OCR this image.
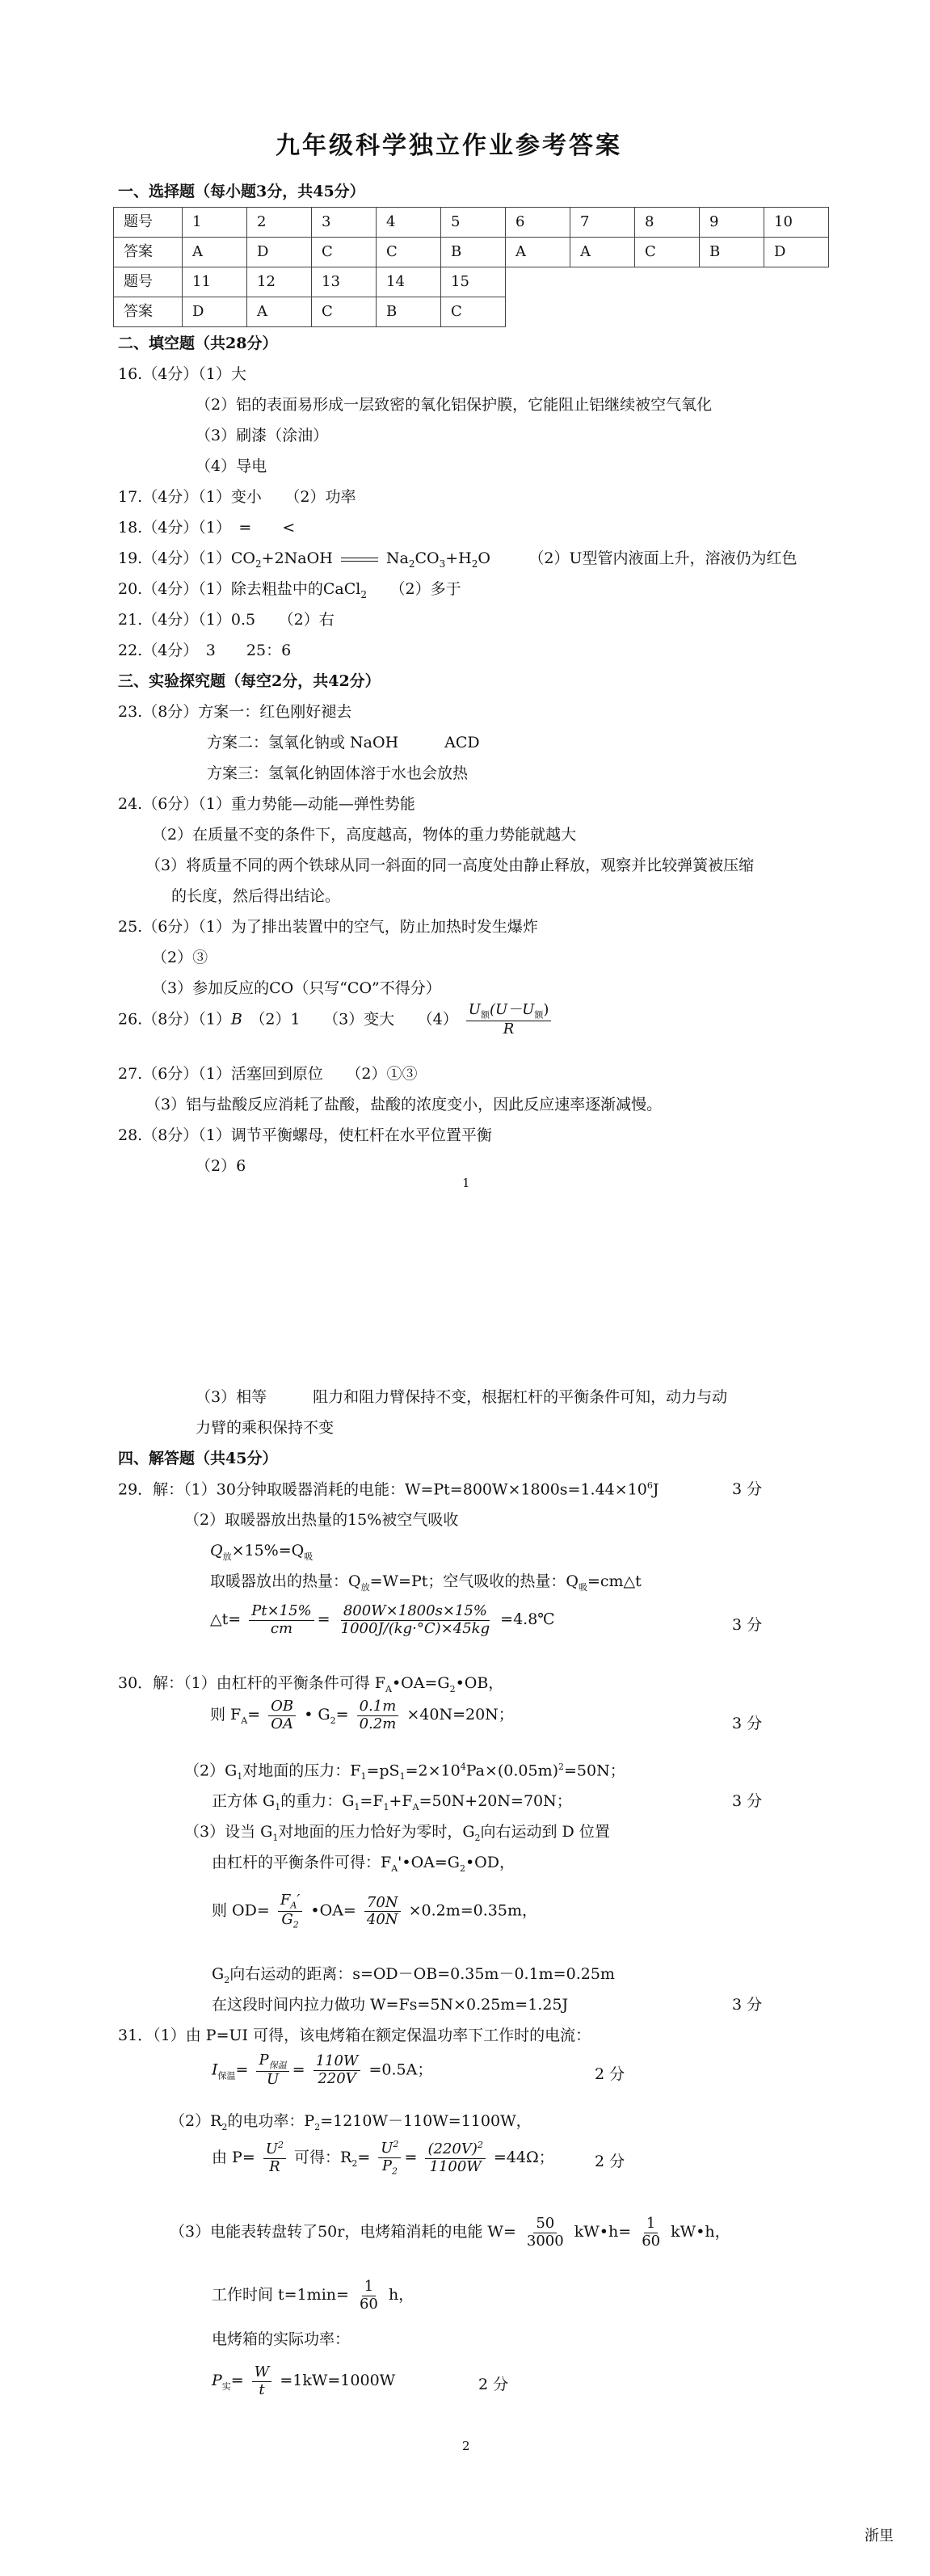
九年级科学独立作业参考答案
一、选择题（每小题3分，共45分）
题号	1	2	3	4	5	6	7	8	9	10
答案	A	D	C	C	B	A	A	C	B	D
题号	11	12	13	14	15
答案	D	A	C	B	C
二、填空题（共28分）
16.（4分）（1）大
（2）铝的表面易形成一层致密的氧化铝保护膜，它能阻止铝继续被空气氧化
（3）刷漆（涂油）
（4）导电
17.（4分）（1）变小　　（2）功率
18.（4分）（1）　=　　<
19.（4分）$(1)CO_2+2NaOH$	$Na_2CO_3+H_2O$　　　（2）U型管内液面上升，溶液仍为红色
20.（4分）（1）除去粗盐中的CaCl$_2$　　（2）多于
21.（4分）（1）0.5　　（2）右
22.（4分）　3　　25：6
三、实验探究题（每空2分，共42分）
23.（8分）方案一：红色刚好褪去
方案二：氢氧化钠或 NaOH　　　ACD
方案三：氢氧化钠固体溶于水也会放热
24.（6分）（1）重力势能—动能—弹性势能
（2）在质量不变的条件下，高度越高，物体的重力势能就越大
（3）将质量不同的两个铁球从同一斜面的同一高度处由静止释放，观察并比较弹簧被压缩
的长度，然后得出结论。
25.（6分）（1）为了排出装置中的空气，防止加热时发生爆炸
（2）③
（3）参加反应的CO（只写“CO”不得分）
26.（8分）（1）B　 （2）1　　（3）变大　　$(4) \frac{U_额(U-U_额)}{R}$
27.（6分）（1）活塞回到原位　　（2）①③
（3）铝与盐酸反应消耗了盐酸，盐酸的浓度变小，因此反应速率逐渐减慢。
28.（8分）（1）调节平衡螺母，使杠杆在水平位置平衡
（2）6
1
（3）相等　　　阻力和阻力臂保持不变，根据杠杆的平衡条件可知，动力与动
力臂的乘积保持不变
四、解答题（共45分）
29．解：（1）30分钟取暖器消耗的电能：$W=Pt=800W\times 1800s=1.44\times 10^6J$	3 分
（2）取暖器放出热量的15%被空气吸收
$Q_放\times 15\%=Q_吸$
取暖器放出的热量：$Q_放=W=Pt$；空气吸收的热量：$Q_吸=cm\triangle t$
△t= $\frac{Pt\times 15\%}{cm} = \frac{800W\times 1800s\times 15\%}{1000J/(kg\cdot^\circ C)\times 45kg}$ =4.8℃	3 分
30．解：（1）由杠杆的平衡条件可得 $F_A•OA=G_2•OB$，
则 $F_A= \frac{OB}{OA}$ • $G_2= \frac{0.1m}{0.2m} \times 40N=20N$；	3 分
$(2)G_1$对地面的压力：$F_1=pS_1=2\times 10^4Pa\times(0.05m)^2=50N$；
正方体 $G_1$的重力：$G_1=F_1+F_A=50N+20N=70N$；	3 分
（3）设当 $G_1$对地面的压力恰好为零时，$G_2$向右运动到 D 位置
由杠杆的平衡条件可得：$F_A'•OA=G_2•OD$，
则 $OD= \frac{F_A'}{G_2}$ •OA= $\frac{70N}{40N} \times 0.2m=0.35m$，
$G_2$向右运动的距离：s=OD－OB=0.35m－0.1m=0.25m
在这段时间内拉力做功 W=Fs=5N×0.25m=1.25J	3 分
31．（1）由 P=UI 可得，该电烤箱在额定保温功率下工作时的电流：
$I_{保温}= \frac{P_{保温}}{U} = \frac{110W}{220V} =0.5A$；	2 分
$(2)R_2$的电功率：$P_2=1210W-110W=1100W$，
由 $P= \frac{U^2}{R}$ 可得：$R_2= \frac{U^2}{P_2} = \frac{(220V)^2}{1100W} =44\Omega$；	2 分
（3）电能表转盘转了50r，电烤箱消耗的电能 $W= \frac{50}{3000}$ kW•h= $\frac{1}{60}$ kW•h，
工作时间 $t=1\min= \frac{1}{60}$ h，
电烤箱的实际功率：
$P_实= \frac{W}{t} =1kW=1000W$	2 分
2
浙里
